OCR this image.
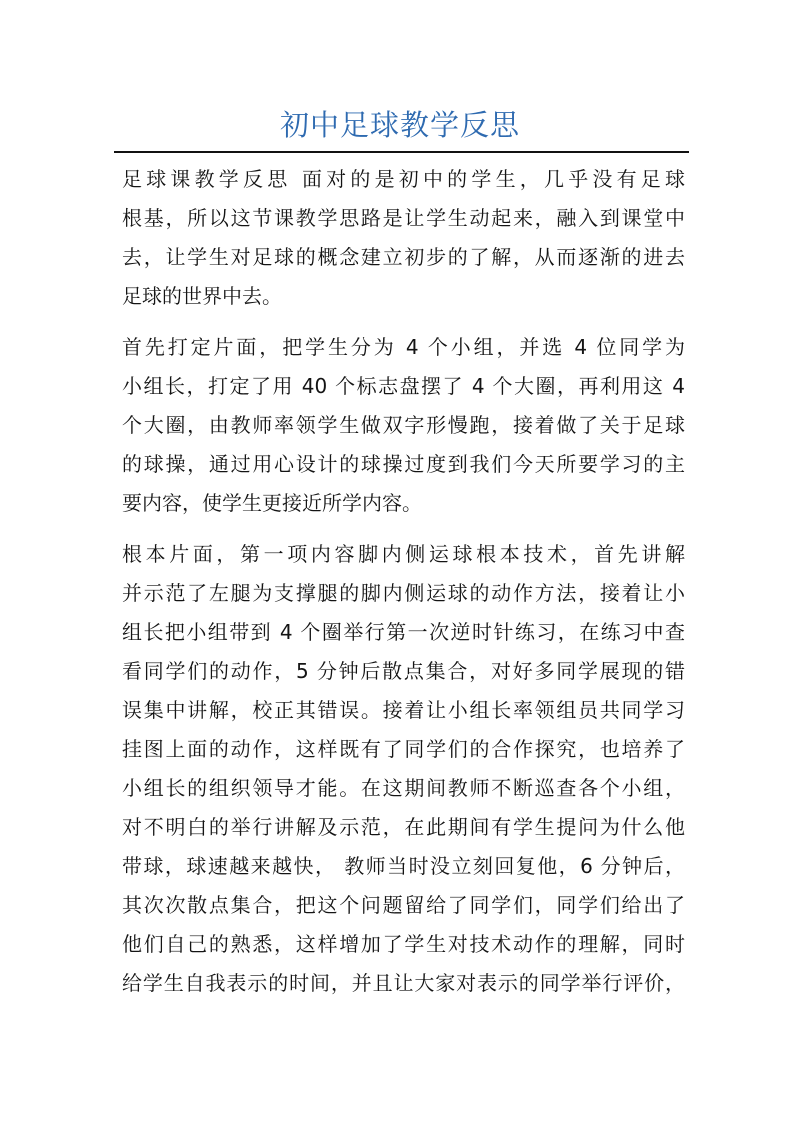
初中足球教学反思
足球课教学反思 面对的是初中的学生，几乎没有足球
根基，所以这节课教学思路是让学生动起来，融入到课堂中
去，让学生对足球的概念建立初步的了解，从而逐渐的进去
足球的世界中去。
首先打定片面，把学生分为 4 个小组，并选 4 位同学为
小组长，打定了用 40 个标志盘摆了 4 个大圈，再利用这 4
个大圈，由教师率领学生做双字形慢跑，接着做了关于足球
的球操，通过用心设计的球操过度到我们今天所要学习的主
要内容，使学生更接近所学内容。
根本片面，第一项内容脚内侧运球根本技术，首先讲解
并示范了左腿为支撑腿的脚内侧运球的动作方法，接着让小
组长把小组带到 4 个圈举行第一次逆时针练习，在练习中查
看同学们的动作，5 分钟后散点集合，对好多同学展现的错
误集中讲解，校正其错误。接着让小组长率领组员共同学习
挂图上面的动作，这样既有了同学们的合作探究，也培养了
小组长的组织领导才能。在这期间教师不断巡查各个小组，
对不明白的举行讲解及示范，在此期间有学生提问为什么他
带球，球速越来越快， 教师当时没立刻回复他，6 分钟后，
其次次散点集合，把这个问题留给了同学们，同学们给出了
他们自己的熟悉，这样增加了学生对技术动作的理解，同时
给学生自我表示的时间，并且让大家对表示的同学举行评价，
